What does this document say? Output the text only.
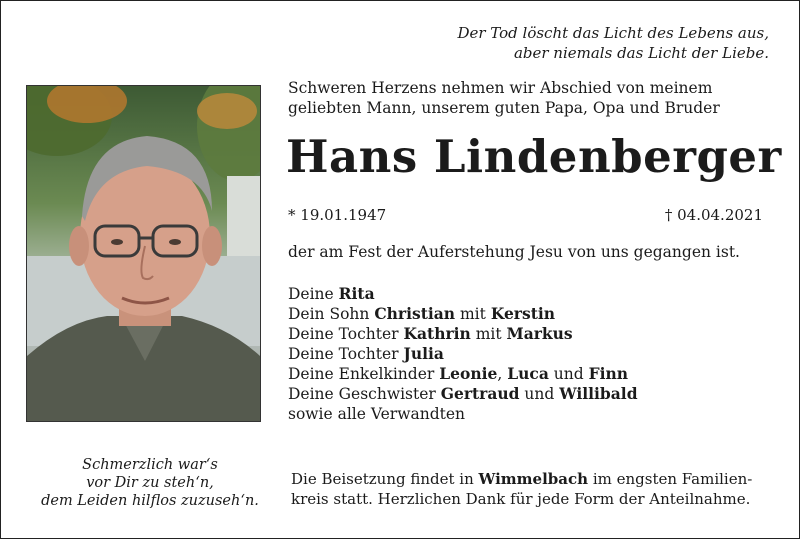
Der Tod löscht das Licht des Lebens aus,
aber niemals das Licht der Liebe.
Schweren Herzens nehmen wir Abschied von meinem
geliebten Mann, unserem guten Papa, Opa und Bruder
Hans Lindenberger
* 19.01.1947	† 04.04.2021
der am Fest der Auferstehung Jesu von uns gegangen ist.
Deine Rita
Dein Sohn Christian mit Kerstin
Deine Tochter Kathrin mit Markus
Deine Tochter Julia
Deine Enkelkinder Leonie, Luca und Finn
Deine Geschwister Gertraud und Willibald
sowie alle Verwandten
Schmerzlich war‘s
vor Dir zu steh‘n,
dem Leiden hilflos zuzuseh‘n.
Die Beisetzung findet in Wimmelbach im engsten Familien-
kreis statt. Herzlichen Dank für jede Form der Anteilnahme.
